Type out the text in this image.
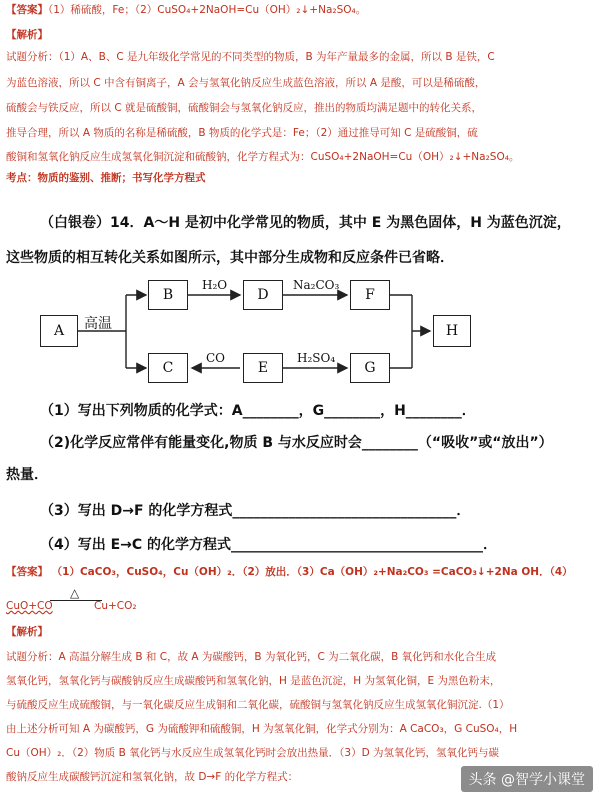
【答案】（1）稀硫酸，Fe；（2）CuSO₄+2NaOH=Cu（OH）₂↓+Na₂SO₄。
【解析】
试题分析：（1）A、B、C 是九年级化学常见的不同类型的物质，B 为年产量最多的金属，所以 B 是铁，C
为蓝色溶液，所以 C 中含有铜离子，A 会与氢氧化钠反应生成蓝色溶液，所以 A 是酸，可以是稀硫酸，
硫酸会与铁反应，所以 C 就是硫酸铜，硫酸铜会与氢氧化钠反应，推出的物质均满足题中的转化关系，
推导合理，所以 A 物质的名称是稀硫酸，B 物质的化学式是：Fe；（2）通过推导可知 C 是硫酸铜，硫
酸铜和氢氧化钠反应生成氢氧化铜沉淀和硫酸钠，化学方程式为：CuSO₄+2NaOH=Cu（OH）₂↓+Na₂SO₄。
考点：物质的鉴别、推断；书写化学方程式
（白银卷）14．A～H 是初中化学常见的物质，其中 E 为黑色固体，H 为蓝色沉淀，
这些物质的相互转化关系如图所示，其中部分生成物和反应条件已省略．
A
B
C
D
E
F
G
H
高温
H₂O	Na₂CO₃
CO	H₂SO₄
（1）写出下列物质的化学式：A________，G________，H________．
（2)化学反应常伴有能量变化,物质 B 与水反应时会________（“吸收”或“放出”）
热量．
（3）写出 D→F 的化学方程式________________________________．
（4）写出 E→C 的化学方程式____________________________________．
【答案】 （1）CaCO₃，CuSO₄，Cu（OH）₂．（2）放出．（3）Ca（OH）₂+Na₂CO₃ =CaCO₃↓+2Na OH．（4）
CuO+CO
△
Cu+CO₂
【解析】
试题分析：A 高温分解生成 B 和 C，故 A 为碳酸钙，B 为氧化钙，C 为二氧化碳，B 氧化钙和水化合生成
氢氧化钙，氢氧化钙与碳酸钠反应生成碳酸钙和氢氧化钠，H 是蓝色沉淀，H 为氢氧化铜，E 为黑色粉末，
与硫酸反应生成硫酸铜，与一氧化碳反应生成铜和二氧化碳，硫酸铜与氢氧化钠反应生成氢氧化铜沉淀.（1）
由上述分析可知 A 为碳酸钙，G 为硫酸钾和硫酸铜，H 为氢氧化铜，化学式分别为：A CaCO₃，G CuSO₄，H
Cu（OH）₂．（2）物质 B 氧化钙与水反应生成氢氧化钙时会放出热量．（3）D 为氢氧化钙，氢氧化钙与碳
酸钠反应生成碳酸钙沉淀和氢氧化钠，故 D→F 的化学方程式：	头条 @智学小课堂
